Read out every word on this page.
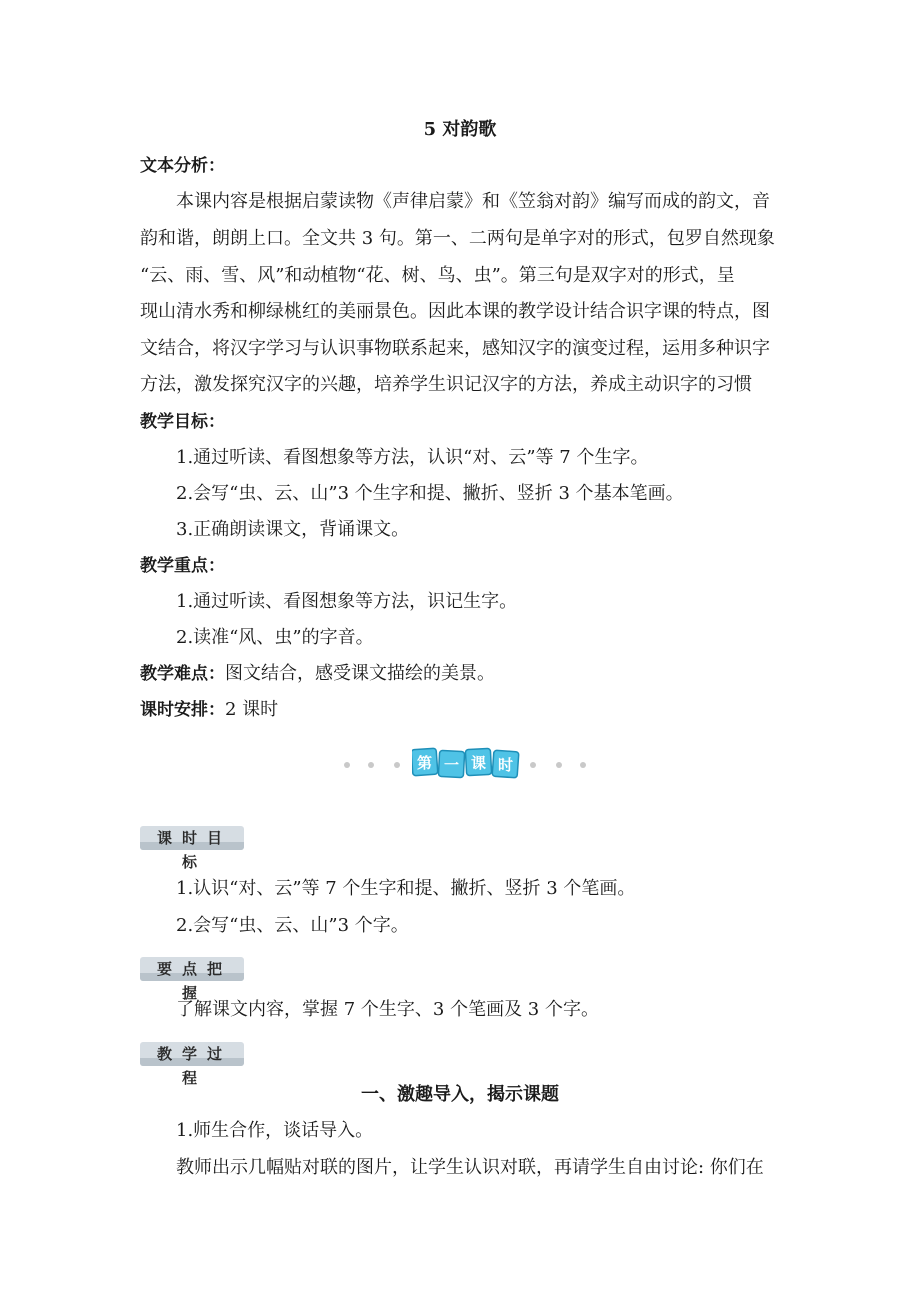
5 对韵歌
文本分析：
本课内容是根据启蒙读物《声律启蒙》和《笠翁对韵》编写而成的韵文，音
韵和谐，朗朗上口。全文共 3 句。第一、二两句是单字对的形式，包罗自然现象
“云、雨、雪、风”和动植物“花、树、鸟、虫”。第三句是双字对的形式，呈
现山清水秀和柳绿桃红的美丽景色。因此本课的教学设计结合识字课的特点，图
文结合，将汉字学习与认识事物联系起来，感知汉字的演变过程，运用多种识字
方法，激发探究汉字的兴趣，培养学生识记汉字的方法，养成主动识字的习惯
教学目标：
1.通过听读、看图想象等方法，认识“对、云”等 7 个生字。
2.会写“虫、云、山”3 个生字和提、撇折、竖折 3 个基本笔画。
3.正确朗读课文，背诵课文。
教学重点：
1.通过听读、看图想象等方法，识记生字。
2.读准“风、虫”的字音。
教学难点：图文结合，感受课文描绘的美景。
课时安排：2 课时
第 一 课 时
课时目标
1.认识“对、云”等 7 个生字和提、撇折、竖折 3 个笔画。
2.会写“虫、云、山”3 个字。
要点把握
了解课文内容，掌握 7 个生字、3 个笔画及 3 个字。
教学过程
一、激趣导入，揭示课题
1.师生合作，谈话导入。
教师出示几幅贴对联的图片，让学生认识对联，再请学生自由讨论: 你们在
